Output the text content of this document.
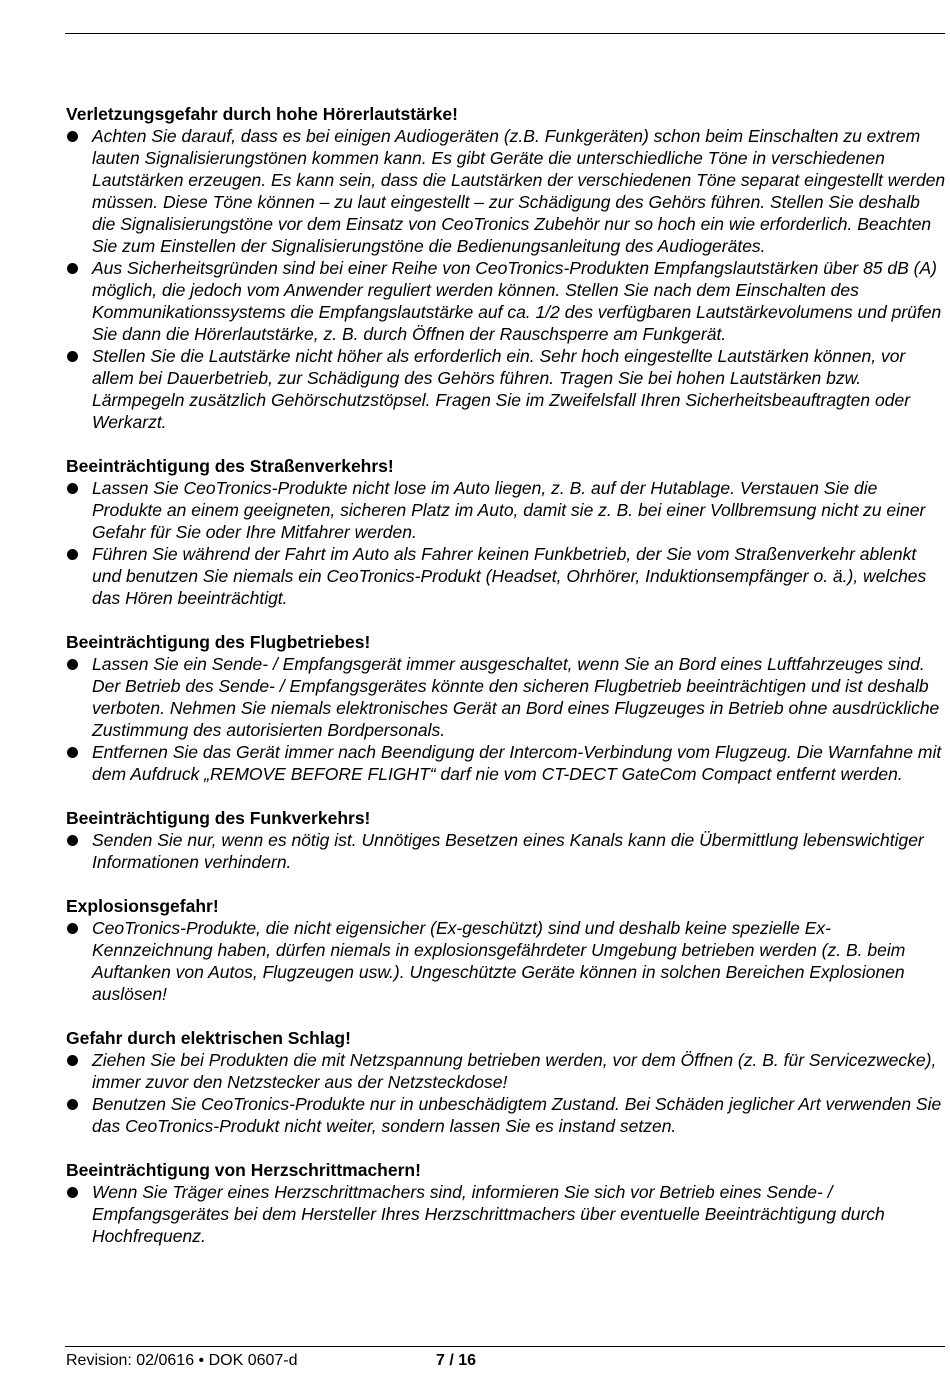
Verletzungsgefahr durch hohe Hörerlautstärke!

Achten Sie darauf, dass es bei einigen Audiogeräten (z.B. Funkgeräten) schon beim Einschalten zu extrem lauten Signalisierungstönen kommen kann. Es gibt Geräte die unterschiedliche Töne in verschiedenen Lautstärken erzeugen. Es kann sein, dass die Lautstärken der verschiedenen Töne separat eingestellt werden müssen. Diese Töne können – zu laut eingestellt – zur Schädigung des Gehörs führen. Stellen Sie deshalb die Signalisierungstöne vor dem Einsatz von CeoTronics Zubehör nur so hoch ein wie erforderlich. Beachten Sie zum Einstellen der Signalisierungstöne die Bedienungsanleitung des Audiogerätes.
Aus Sicherheitsgründen sind bei einer Reihe von CeoTronics-Produkten Empfangslautstärken über 85 dB (A) möglich, die jedoch vom Anwender reguliert werden können. Stellen Sie nach dem Einschalten des Kommunikationssystems die Empfangslautstärke auf ca. 1/2 des verfügbaren Lautstärkevolumens und prüfen Sie dann die Hörerlautstärke, z. B. durch Öffnen der Rauschsperre am Funkgerät.
Stellen Sie die Lautstärke nicht höher als erforderlich ein. Sehr hoch eingestellte Lautstärken können, vor allem bei Dauerbetrieb, zur Schädigung des Gehörs führen. Tragen Sie bei hohen Lautstärken bzw. Lärmpegeln zusätzlich Gehörschutzstöpsel. Fragen Sie im Zweifelsfall Ihren Sicherheitsbeauftragten oder Werkarzt.

Beeinträchtigung des Straßenverkehrs!

Lassen Sie CeoTronics-Produkte nicht lose im Auto liegen, z. B. auf der Hutablage. Verstauen Sie die Produkte an einem geeigneten, sicheren Platz im Auto, damit sie z. B. bei einer Vollbremsung nicht zu einer Gefahr für Sie oder Ihre Mitfahrer werden.
Führen Sie während der Fahrt im Auto als Fahrer keinen Funkbetrieb, der Sie vom Straßenverkehr ablenkt und benutzen Sie niemals ein CeoTronics-Produkt (Headset, Ohrhörer, Induktionsempfänger o. ä.), welches das Hören beeinträchtigt.

Beeinträchtigung des Flugbetriebes!

Lassen Sie ein Sende- / Empfangsgerät immer ausgeschaltet, wenn Sie an Bord eines Luftfahrzeuges sind. Der Betrieb des Sende- / Empfangsgerätes könnte den sicheren Flugbetrieb beeinträchtigen und ist deshalb verboten. Nehmen Sie niemals elektronisches Gerät an Bord eines Flugzeuges in Betrieb ohne ausdrückliche Zustimmung des autorisierten Bordpersonals.
Entfernen Sie das Gerät immer nach Beendigung der Intercom-Verbindung vom Flugzeug. Die Warnfahne mit dem Aufdruck „REMOVE BEFORE FLIGHT“ darf nie vom CT-DECT GateCom Compact entfernt werden.

Beeinträchtigung des Funkverkehrs!

Senden Sie nur, wenn es nötig ist. Unnötiges Besetzen eines Kanals kann die Übermittlung lebenswichtiger Informationen verhindern.

Explosionsgefahr!

CeoTronics-Produkte, die nicht eigensicher (Ex-geschützt) sind und deshalb keine spezielle Ex-Kennzeichnung haben, dürfen niemals in explosionsgefährdeter Umgebung betrieben werden (z. B. beim Auftanken von Autos, Flugzeugen usw.). Ungeschützte Geräte können in solchen Bereichen Explosionen auslösen!

Gefahr durch elektrischen Schlag!

Ziehen Sie bei Produkten die mit Netzspannung betrieben werden, vor dem Öffnen (z. B. für Servicezwecke), immer zuvor den Netzstecker aus der Netzsteckdose!
Benutzen Sie CeoTronics-Produkte nur in unbeschädigtem Zustand. Bei Schäden jeglicher Art verwenden Sie das CeoTronics-Produkt nicht weiter, sondern lassen Sie es instand setzen.

Beeinträchtigung von Herzschrittmachern!

Wenn Sie Träger eines Herzschrittmachers sind, informieren Sie sich vor Betrieb eines Sende- / Empfangsgerätes bei dem Hersteller Ihres Herzschrittmachers über eventuelle Beeinträchtigung durch Hochfrequenz.
Revision: 02/0616 • DOK 0607-d	7 / 16
